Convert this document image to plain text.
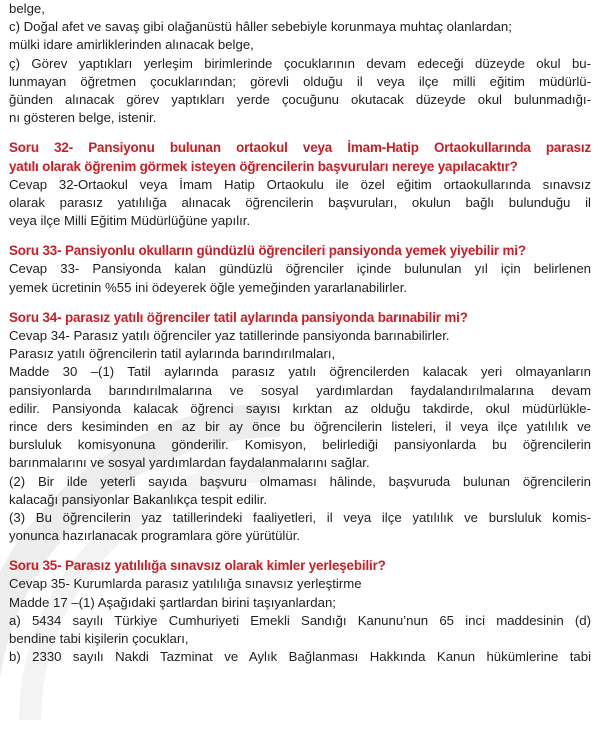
belge,
c) Doğal afet ve savaş gibi olağanüstü hâller sebebiyle korunmaya muhtaç olanlardan;
mülki idare amirliklerinden alınacak belge,
ç) Görev yaptıkları yerleşim birimlerinde çocuklarının devam edeceği düzeyde okul bu-
lunmayan öğretmen çocuklarından; görevli olduğu il veya ilçe milli eğitim müdürlü-
ğünden alınacak görev yaptıkları yerde çocuğunu okutacak düzeyde okul bulunmadığı-
nı gösteren belge, istenir.
Soru 32- Pansiyonu bulunan ortaokul veya İmam-Hatip Ortaokullarında parasız
yatılı olarak öğrenim görmek isteyen öğrencilerin başvuruları nereye yapılacaktır?
Cevap 32-Ortaokul veya İmam Hatip Ortaokulu ile özel eğitim ortaokullarında sınavsız
olarak parasız yatılılığa alınacak öğrencilerin başvuruları, okulun bağlı bulunduğu il
veya ilçe Milli Eğitim Müdürlüğüne yapılır.
Soru 33- Pansiyonlu okulların gündüzlü öğrencileri pansiyonda yemek yiyebilir mi?
Cevap 33- Pansiyonda kalan gündüzlü öğrenciler içinde bulunulan yıl için belirlenen
yemek ücretinin %55 ini ödeyerek öğle yemeğinden yararlanabilirler.
Soru 34- parasız yatılı öğrenciler tatil aylarında pansiyonda barınabilir mi?
Cevap 34- Parasız yatılı öğrenciler yaz tatillerinde pansiyonda barınabilirler.
Parasız yatılı öğrencilerin tatil aylarında barındırılmaları,
Madde 30 –(1) Tatil aylarında parasız yatılı öğrencilerden kalacak yeri olmayanların
pansiyonlarda barındırılmalarına ve sosyal yardımlardan faydalandırılmalarına devam
edilir. Pansiyonda kalacak öğrenci sayısı kırktan az olduğu takdirde, okul müdürlükle-
rince ders kesiminden en az bir ay önce bu öğrencilerin listeleri, il veya ilçe yatılılık ve
bursluluk komisyonuna gönderilir. Komisyon, belirlediği pansiyonlarda bu öğrencilerin
barınmalarını ve sosyal yardımlardan faydalanmalarını sağlar.
(2) Bir ilde yeterli sayıda başvuru olmaması hâlinde, başvuruda bulunan öğrencilerin
kalacağı pansiyonlar Bakanlıkça tespit edilir.
(3) Bu öğrencilerin yaz tatillerindeki faaliyetleri, il veya ilçe yatılılık ve bursluluk komis-
yonunca hazırlanacak programlara göre yürütülür.
Soru 35- Parasız yatılılığa sınavsız olarak kimler yerleşebilir?
Cevap 35- Kurumlarda parasız yatılılığa sınavsız yerleştirme
Madde 17 –(1) Aşağıdaki şartlardan birini taşıyanlardan;
a) 5434 sayılı Türkiye Cumhuriyeti Emekli Sandığı Kanunu’nun 65 inci maddesinin (d)
bendine tabi kişilerin çocukları,
b) 2330 sayılı Nakdi Tazminat ve Aylık Bağlanması Hakkında Kanun hükümlerine tabi
